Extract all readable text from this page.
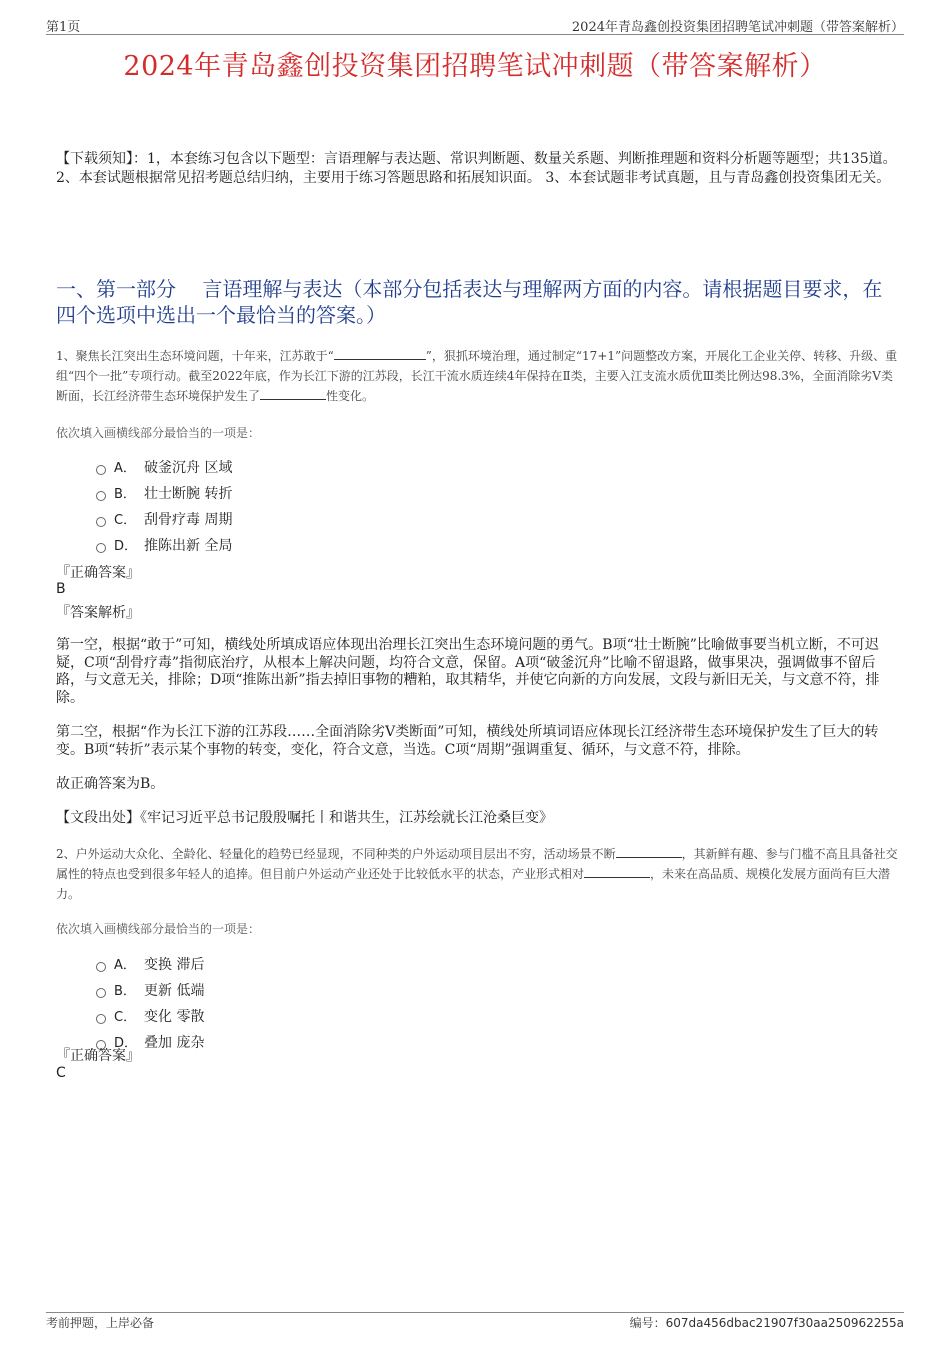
第1页	2024年青岛鑫创投资集团招聘笔试冲刺题（带答案解析）
2024年青岛鑫创投资集团招聘笔试冲刺题（带答案解析）
【下载须知】：1，本套练习包含以下题型：言语理解与表达题、常识判断题、数量关系题、判断推理题和资料分析题等题型；共135道。 2、本套试题根据常见招考题总结归纳，主要用于练习答题思路和拓展知识面。 3、本套试题非考试真题，且与青岛鑫创投资集团无关。
一、第一部分　 言语理解与表达（本部分包括表达与理解两方面的内容。请根据题目要求，在四个选项中选出一个最恰当的答案。）
1、聚焦长江突出生态环境问题，十年来，江苏敢于“	”，狠抓环境治理，通过制定“17+1”问题整改方案，开展化工企业关停、转移、升级、重组“四个一批”专项行动。截至2022年底，作为长江下游的江苏段，长江干流水质连续4年保持在Ⅱ类，主要入江支流水质优Ⅲ类比例达98.3%，全面消除劣V类断面，长江经济带生态环境保护发生了	性变化。
依次填入画横线部分最恰当的一项是：
A． 破釜沉舟 区域
B． 壮士断腕 转折
C． 刮骨疗毒 周期
D． 推陈出新 全局
『正确答案』
B
『答案解析』
第一空，根据“敢于”可知，横线处所填成语应体现出治理长江突出生态环境问题的勇气。B项“壮士断腕”比喻做事要当机立断，不可迟疑，C项“刮骨疗毒”指彻底治疗，从根本上解决问题，均符合文意，保留。A项“破釜沉舟”比喻不留退路，做事果决，强调做事不留后路，与文意无关，排除；D项“推陈出新”指去掉旧事物的糟粕，取其精华，并使它向新的方向发展，文段与新旧无关，与文意不符，排除。
第二空，根据“作为长江下游的江苏段……全面消除劣V类断面”可知，横线处所填词语应体现长江经济带生态环境保护发生了巨大的转变。B项“转折”表示某个事物的转变，变化，符合文意，当选。C项“周期”强调重复、循环，与文意不符，排除。
故正确答案为B。
【文段出处】《牢记习近平总书记殷殷嘱托丨和谐共生，江苏绘就长江沧桑巨变》
2、户外运动大众化、全龄化、轻量化的趋势已经显现，不同种类的户外运动项目层出不穷，活动场景不断	，其新鲜有趣、参与门槛不高且具备社交属性的特点也受到很多年轻人的追捧。但目前户外运动产业还处于比较低水平的状态，产业形式相对	，未来在高品质、规模化发展方面尚有巨大潜力。
依次填入画横线部分最恰当的一项是：
A． 变换 滞后
B． 更新 低端
C． 变化 零散
D． 叠加 庞杂
『正确答案』
C
考前押题，上岸必备	编号：607da456dbac21907f30aa250962255a
